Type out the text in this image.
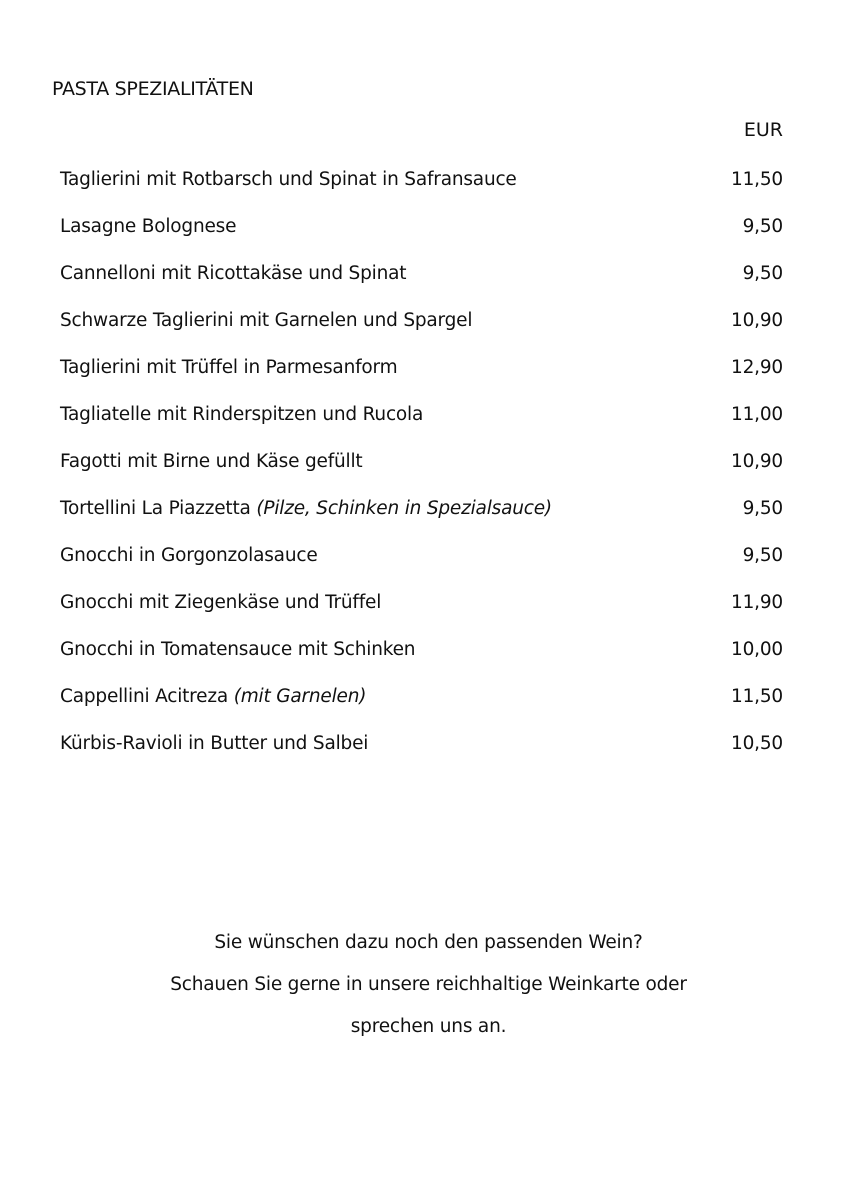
PASTA SPEZIALITÄTEN
EUR
Taglierini mit Rotbarsch und Spinat in Safransauce	11,50
Lasagne Bolognese	9,50
Cannelloni mit Ricottakäse und Spinat	9,50
Schwarze Taglierini mit Garnelen und Spargel	10,90
Taglierini mit Trüffel in Parmesanform	12,90
Tagliatelle mit Rinderspitzen und Rucola	11,00
Fagotti mit Birne und Käse gefüllt	10,90
Tortellini La Piazzetta (Pilze, Schinken in Spezialsauce)	9,50
Gnocchi in Gorgonzolasauce	9,50
Gnocchi mit Ziegenkäse und Trüffel	11,90
Gnocchi in Tomatensauce mit Schinken	10,00
Cappellini Acitreza (mit Garnelen)	11,50
Kürbis-Ravioli in Butter und Salbei	10,50
Sie wünschen dazu noch den passenden Wein?
Schauen Sie gerne in unsere reichhaltige Weinkarte oder
sprechen uns an.
